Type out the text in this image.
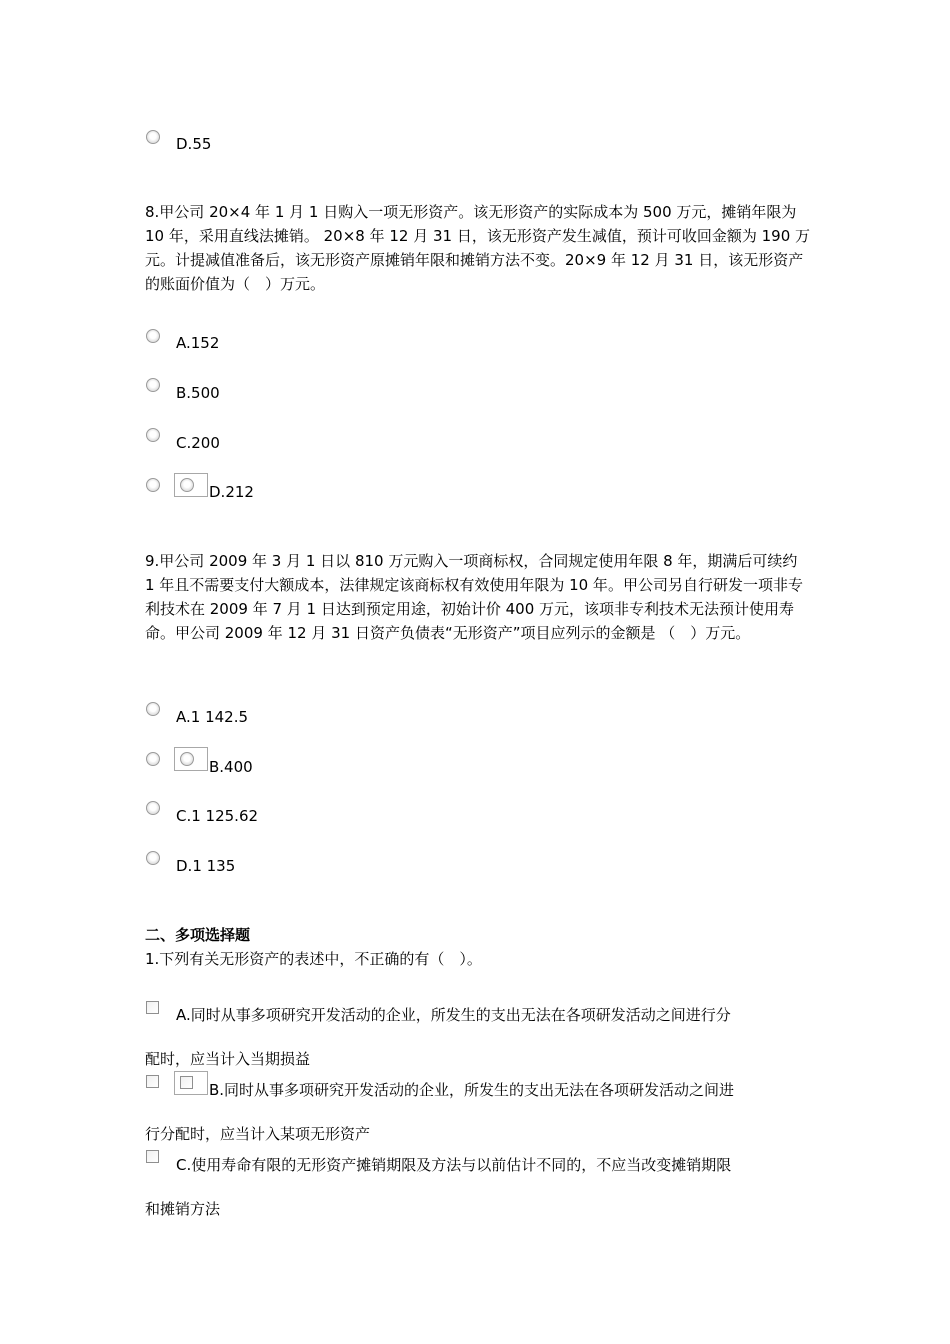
D.55

8.甲公司 20×4 年 1 月 1 日购入一项无形资产。该无形资产的实际成本为 500 万元，摊销年限为 10 年，采用直线法摊销。 20×8 年 12 月 31 日，该无形资产发生减值，预计可收回金额为 190 万元。计提减值准备后，该无形资产原摊销年限和摊销方法不变。20×9 年 12 月 31 日，该无形资产的账面价值为（　）万元。

A.152
B.500
C.200
D.212

9.甲公司 2009 年 3 月 1 日以 810 万元购入一项商标权，合同规定使用年限 8 年，期满后可续约 1 年且不需要支付大额成本，法律规定该商标权有效使用年限为 10 年。甲公司另自行研发一项非专利技术在 2009 年 7 月 1 日达到预定用途，初始计价 400 万元，该项非专利技术无法预计使用寿命。甲公司 2009 年 12 月 31 日资产负债表“无形资产”项目应列示的金额是 （　）万元。

A.1 142.5
B.400
C.1 125.62
D.1 135
二、多项选择题
1.下列有关无形资产的表述中，不正确的有（　）。
A.同时从事多项研究开发活动的企业，所发生的支出无法在各项研发活动之间进行分
配时，应当计入当期损益
B.同时从事多项研究开发活动的企业，所发生的支出无法在各项研发活动之间进
行分配时，应当计入某项无形资产
C.使用寿命有限的无形资产摊销期限及方法与以前估计不同的，不应当改变摊销期限
和摊销方法
